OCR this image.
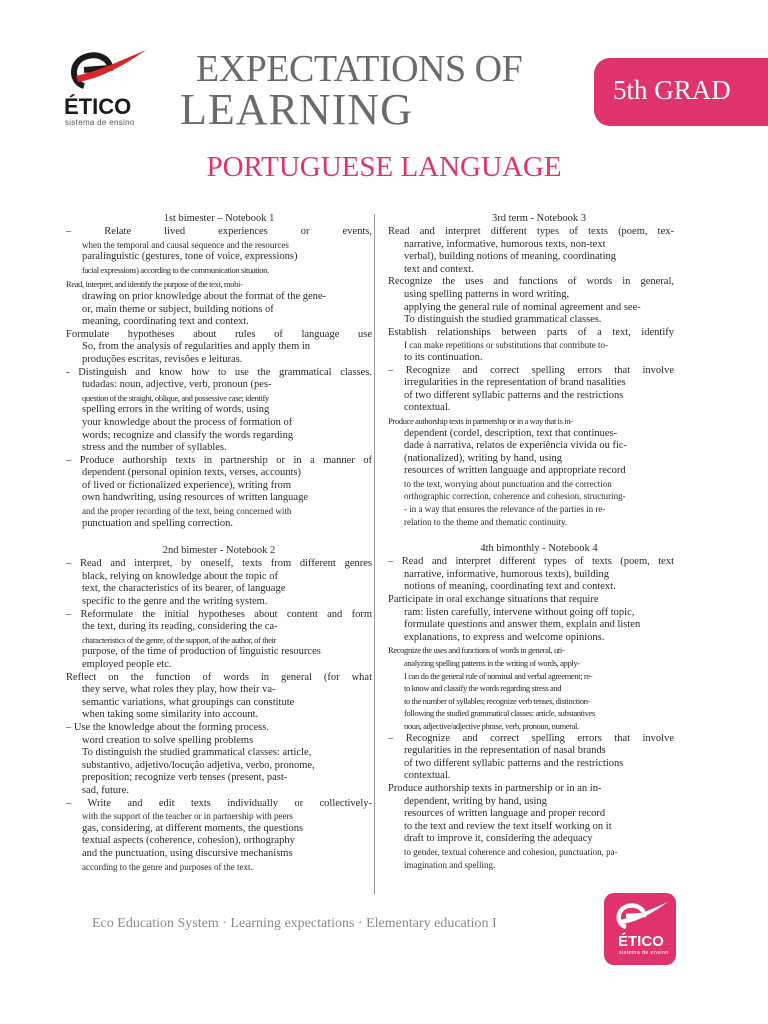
ÉTICO
sistema de ensino
EXPECTATIONS OF
LEARNING	5th GRAD
PORTUGUESE LANGUAGE
1st bimester – Notebook 1
– Relate lived experiences or events,
when the temporal and causal sequence and the resources
paralinguistic (gestures, tone of voice, expressions)
facial expressions) according to the communication situation.
Read, interpret, and identify the purpose of the text, mobi-
drawing on prior knowledge about the format of the gene-
or, main theme or subject, building notions of
meaning, coordinating text and context.
Formulate hypotheses about rules of language use
So, from the analysis of regularities and apply them in
produções escritas, revisões e leituras.
- Distinguish and know how to use the grammatical classes.
tudadas: noun, adjective, verb, pronoun (pes-
question of the straight, oblique, and possessive case; identify
spelling errors in the writing of words, using
your knowledge about the process of formation of
words; recognize and classify the words regarding
stress and the number of syllables.
– Produce authorship texts in partnership or in a manner of
dependent (personal opinion texts, verses, accounts)
of lived or fictionalized experience), writing from
own handwriting, using resources of written language
and the proper recording of the text, being concerned with
punctuation and spelling correction.
2nd bimester - Notebook 2
– Read and interpret, by oneself, texts from different genres
black, relying on knowledge about the topic of
text, the characteristics of its bearer, of language
specific to the genre and the writing system.
– Reformulate the initial hypotheses about content and form
the text, during its reading, considering the ca-
characteristics of the genre, of the support, of the author, of their
purpose, of the time of production of linguistic resources
employed people etc.
Reflect on the function of words in general (for what
they serve, what roles they play, how their va-
semantic variations, what groupings can constitute
when taking some similarity into account.
– Use the knowledge about the forming process.
word creation to solve spelling problems
To distinguish the studied grammatical classes: article,
substantivo, adjetivo/locução adjetiva, verbo, pronome,
preposition; recognize verb tenses (present, past-
sad, future.
– Write and edit texts individually or collectively-
with the support of the teacher or in partnership with peers
gas, considering, at different moments, the questions
textual aspects (coherence, cohesion), orthography
and the punctuation, using discursive mechanisms
according to the genre and purposes of the text.
3rd term - Notebook 3
Read and interpret different types of texts (poem, tex-
narrative, informative, humorous texts, non-text
verbal), building notions of meaning, coordinating
text and context.
Recognize the uses and functions of words in general,
using spelling patterns in word writing,
applying the general rule of nominal agreement and see-
To distinguish the studied grammatical classes.
Establish relationships between parts of a text, identify
I can make repetitions or substitutions that contribute to-
to its continuation.
– Recognize and correct spelling errors that involve
irregularities in the representation of brand nasalities
of two different syllabic patterns and the restrictions
contextual.
Produce authorship texts in partnership or in a way that is in-
dependent (cordel, description, text that continues-
dade à narrativa, relatos de experiência vivida ou fic-
(nationalized), writing by hand, using
resources of written language and appropriate record
to the text, worrying about punctuation and the correction
orthographic correction, coherence and cohesion, structuring-
- in a way that ensures the relevance of the parties in re-
relation to the theme and thematic continuity.
4th bimonthly - Notebook 4
– Read and interpret different types of texts (poem, text
narrative, informative, humorous texts), building
notions of meaning, coordinating text and context.
Participate in oral exchange situations that require
ram: listen carefully, intervene without going off topic,
formulate questions and answer them, explain and listen
explanations, to express and welcome opinions.
Recognize the uses and functions of words in general, uti-
analyzing spelling patterns in the writing of words, apply-
I can do the general rule of nominal and verbal agreement; re-
to know and classify the words regarding stress and
to the number of syllables; recognize verb tenses, distinction-
following the studied grammatical classes: article, substantives
noun, adjective/adjective phrase, verb, pronoun, numeral.
– Recognize and correct spelling errors that involve
regularities in the representation of nasal brands
of two different syllabic patterns and the restrictions
contextual.
Produce authorship texts in partnership or in an in-
dependent, writing by hand, using
resources of written language and proper record
to the text and review the text itself working on it
draft to improve it, considering the adequacy
to gender, textual coherence and cohesion, punctuation, pa-
imagination and spelling.
Eco Education System · Learning expectations · Elementary education I
ÉTICO
sistema de ensino
